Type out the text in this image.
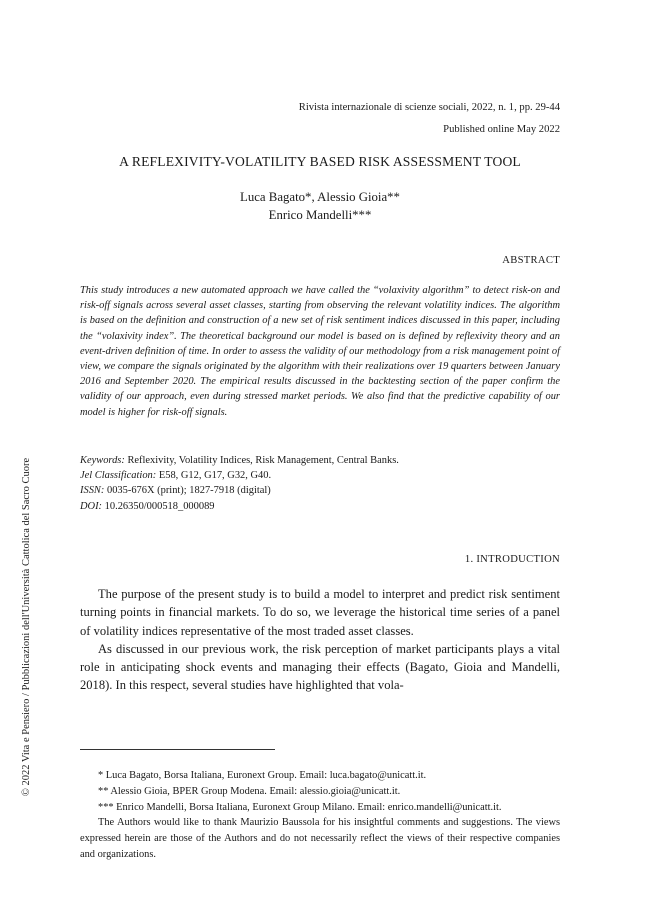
© 2022 Vita e Pensiero / Pubblicazioni dell'Università Cattolica del Sacro Cuore
Rivista internazionale di scienze sociali, 2022, n. 1, pp. 29-44
Published online May 2022
A REFLEXIVITY-VOLATILITY BASED RISK ASSESSMENT TOOL
Luca Bagato*, Alessio Gioia**
Enrico Mandelli***
ABSTRACT

This study introduces a new automated approach we have called the “volaxivity algorithm” to detect risk-on and risk-off signals across several asset classes, starting from observing the relevant volatility indices. The algorithm is based on the definition and construction of a new set of risk sentiment indices discussed in this paper, including the “volaxivity index”. The theoretical background our model is based on is defined by reflexivity theory and an event-driven definition of time. In order to assess the validity of our methodology from a risk management point of view, we compare the signals originated by the algorithm with their realizations over 19 quarters between January 2016 and September 2020. The empirical results discussed in the backtesting section of the paper confirm the validity of our approach, even during stressed market periods. We also find that the predictive capability of our model is higher for risk-off signals.

Keywords: Reflexivity, Volatility Indices, Risk Management, Central Banks.
Jel Classification: E58, G12, G17, G32, G40.
ISSN: 0035-676X (print); 1827-7918 (digital)
DOI: 10.26350/000518_000089
1. INTRODUCTION

The purpose of the present study is to build a model to interpret and predict risk sentiment turning points in financial markets. To do so, we leverage the historical time series of a panel of volatility indices representative of the most traded asset classes.

As discussed in our previous work, the risk perception of market participants plays a vital role in anticipating shock events and managing their effects (Bagato, Gioia and Mandelli, 2018). In this respect, several studies have highlighted that vola-

* Luca Bagato, Borsa Italiana, Euronext Group. Email: luca.bagato@unicatt.it.

** Alessio Gioia, BPER Group Modena. Email: alessio.gioia@unicatt.it.

*** Enrico Mandelli, Borsa Italiana, Euronext Group Milano. Email: enrico.mandelli@unicatt.it.

The Authors would like to thank Maurizio Baussola for his insightful comments and suggestions. The views expressed herein are those of the Authors and do not necessarily reflect the views of their respective companies and organizations.
